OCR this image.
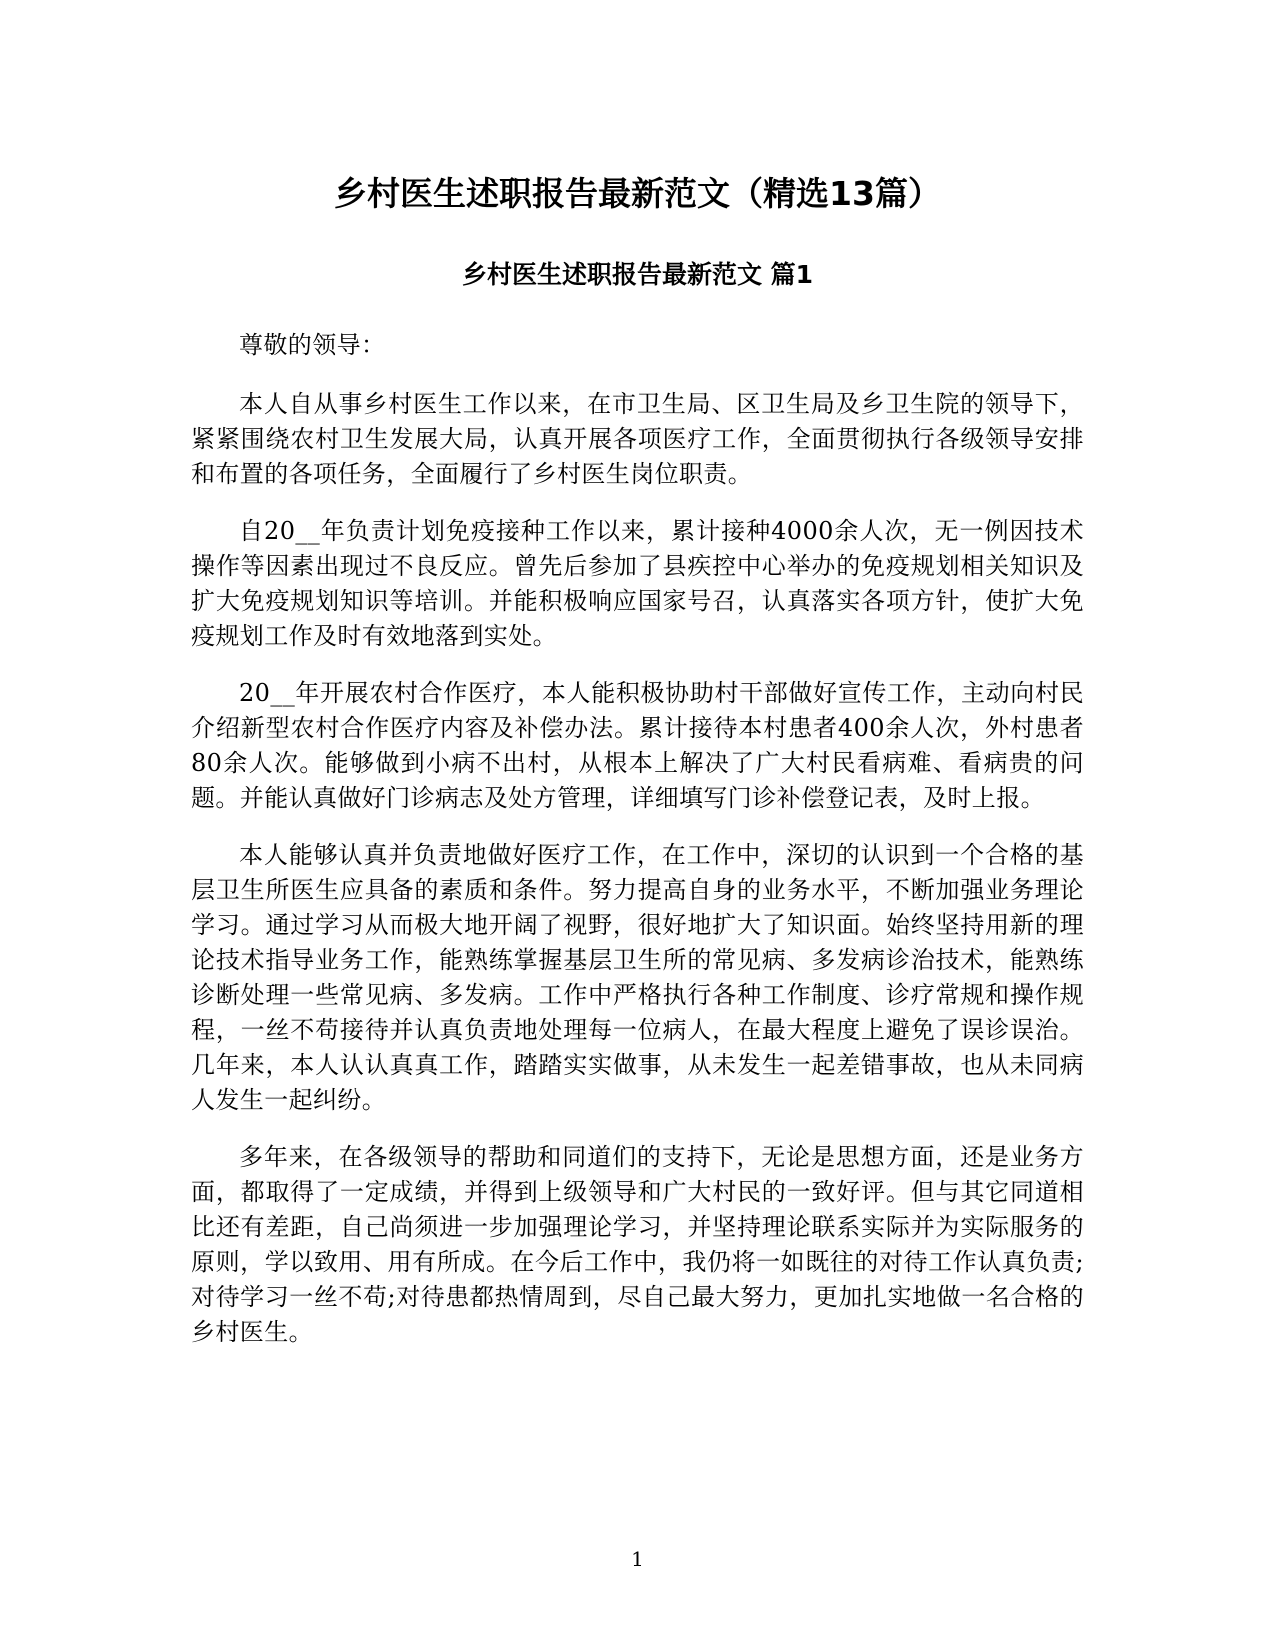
乡村医生述职报告最新范文（精选13篇）
乡村医生述职报告最新范文 篇1

尊敬的领导：

本人自从事乡村医生工作以来，在市卫生局、区卫生局及乡卫生院的领导下，紧紧围绕农村卫生发展大局，认真开展各项医疗工作，全面贯彻执行各级领导安排和布置的各项任务，全面履行了乡村医生岗位职责。

自20__年负责计划免疫接种工作以来，累计接种4000余人次，无一例因技术操作等因素出现过不良反应。曾先后参加了县疾控中心举办的免疫规划相关知识及扩大免疫规划知识等培训。并能积极响应国家号召，认真落实各项方针，使扩大免疫规划工作及时有效地落到实处。

20__年开展农村合作医疗，本人能积极协助村干部做好宣传工作，主动向村民介绍新型农村合作医疗内容及补偿办法。累计接待本村患者400余人次，外村患者80余人次。能够做到小病不出村，从根本上解决了广大村民看病难、看病贵的问题。并能认真做好门诊病志及处方管理，详细填写门诊补偿登记表，及时上报。

本人能够认真并负责地做好医疗工作，在工作中，深切的认识到一个合格的基层卫生所医生应具备的素质和条件。努力提高自身的业务水平，不断加强业务理论学习。通过学习从而极大地开阔了视野，很好地扩大了知识面。始终坚持用新的理论技术指导业务工作，能熟练掌握基层卫生所的常见病、多发病诊治技术，能熟练诊断处理一些常见病、多发病。工作中严格执行各种工作制度、诊疗常规和操作规程，一丝不苟接待并认真负责地处理每一位病人，在最大程度上避免了误诊误治。几年来，本人认认真真工作，踏踏实实做事，从未发生一起差错事故，也从未同病人发生一起纠纷。

多年来，在各级领导的帮助和同道们的支持下，无论是思想方面，还是业务方面，都取得了一定成绩，并得到上级领导和广大村民的一致好评。但与其它同道相比还有差距，自己尚须进一步加强理论学习，并坚持理论联系实际并为实际服务的原则，学以致用、用有所成。在今后工作中，我仍将一如既往的对待工作认真负责;对待学习一丝不苟;对待患都热情周到，尽自己最大努力，更加扎实地做一名合格的乡村医生。

1
